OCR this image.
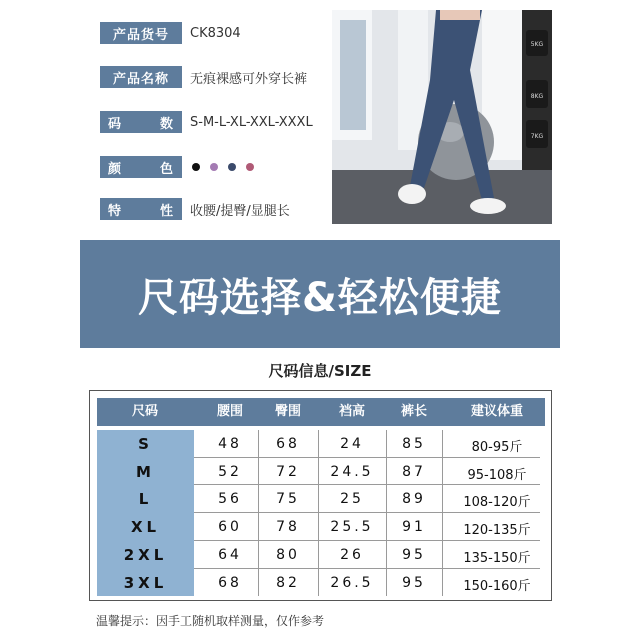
产品货号	CK8304
产品名称	无痕裸感可外穿长裤
码	数 S-M-L-XL-XXL-XXXL
颜	色
特	性 收腰/提臀/显腿长
5KG
8KG
7KG
尺码选择&轻松便捷
尺码信息/SIZE
尺码	腰围	臀围	裆高	裤长	建议体重
S	48	68	24	85	80-95斤
M	52	72	24.5	87	95-108斤
L	56	75	25	89	108-120斤
XL	60	78	25.5	91	120-135斤
2XL	64	80	26	95	135-150斤
3XL	68	82	26.5	95	150-160斤
温馨提示：因手工随机取样测量，仅作参考
